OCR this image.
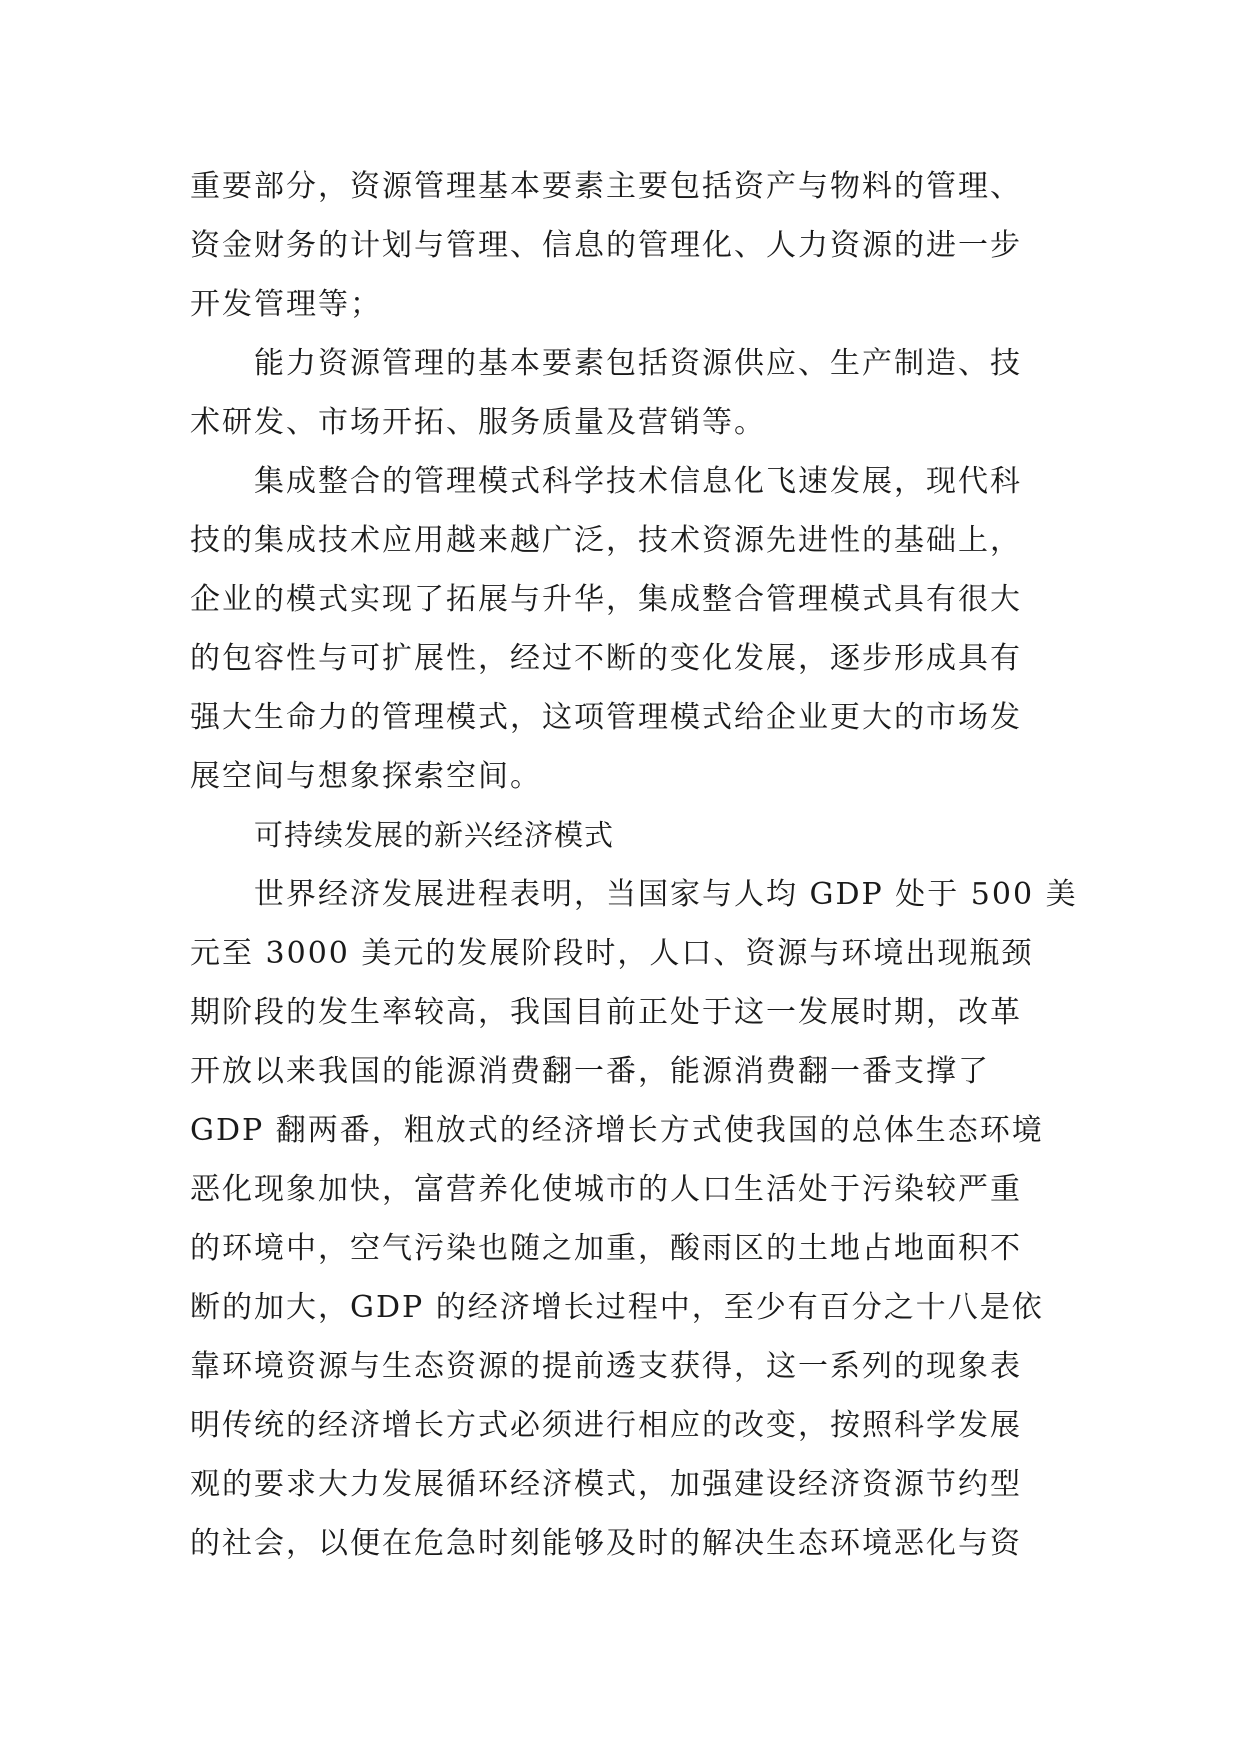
重要部分，资源管理基本要素主要包括资产与物料的管理、
资金财务的计划与管理、信息的管理化、人力资源的进一步
开发管理等；
能力资源管理的基本要素包括资源供应、生产制造、技
术研发、市场开拓、服务质量及营销等。
集成整合的管理模式科学技术信息化飞速发展，现代科
技的集成技术应用越来越广泛，技术资源先进性的基础上，
企业的模式实现了拓展与升华，集成整合管理模式具有很大
的包容性与可扩展性，经过不断的变化发展，逐步形成具有
强大生命力的管理模式，这项管理模式给企业更大的市场发
展空间与想象探索空间。
可持续发展的新兴经济模式
世界经济发展进程表明，当国家与人均 GDP 处于 500 美
元至 3000 美元的发展阶段时，人口、资源与环境出现瓶颈
期阶段的发生率较高，我国目前正处于这一发展时期，改革
开放以来我国的能源消费翻一番，能源消费翻一番支撑了
GDP 翻两番，粗放式的经济增长方式使我国的总体生态环境
恶化现象加快，富营养化使城市的人口生活处于污染较严重
的环境中，空气污染也随之加重，酸雨区的土地占地面积不
断的加大，GDP 的经济增长过程中，至少有百分之十八是依
靠环境资源与生态资源的提前透支获得，这一系列的现象表
明传统的经济增长方式必须进行相应的改变，按照科学发展
观的要求大力发展循环经济模式，加强建设经济资源节约型
的社会，以便在危急时刻能够及时的解决生态环境恶化与资
